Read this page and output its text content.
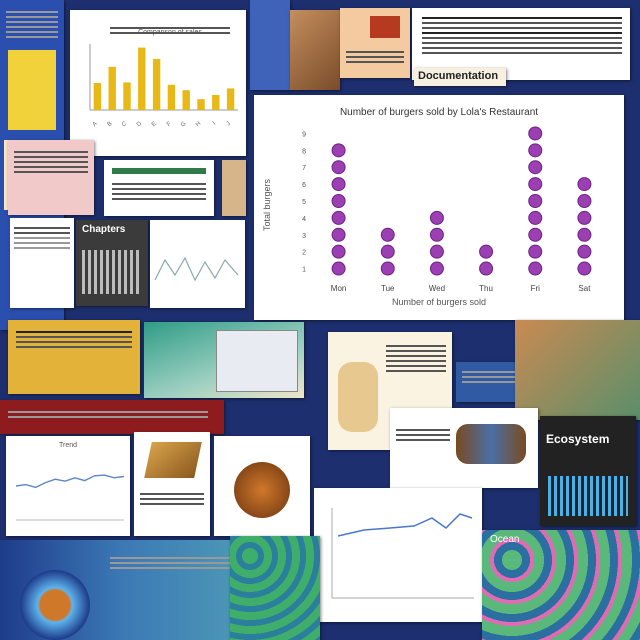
A B C D E F G H I J
Documentation
Number of burgers sold by Lola's Restaurant
Total burgers
Number of burgers sold
1
2
3
4
5
6
7
8
9
Mon	Tue	Wed	Thu	Fri	Sat
Chapters
Trend	Ecosystem
Ocean
